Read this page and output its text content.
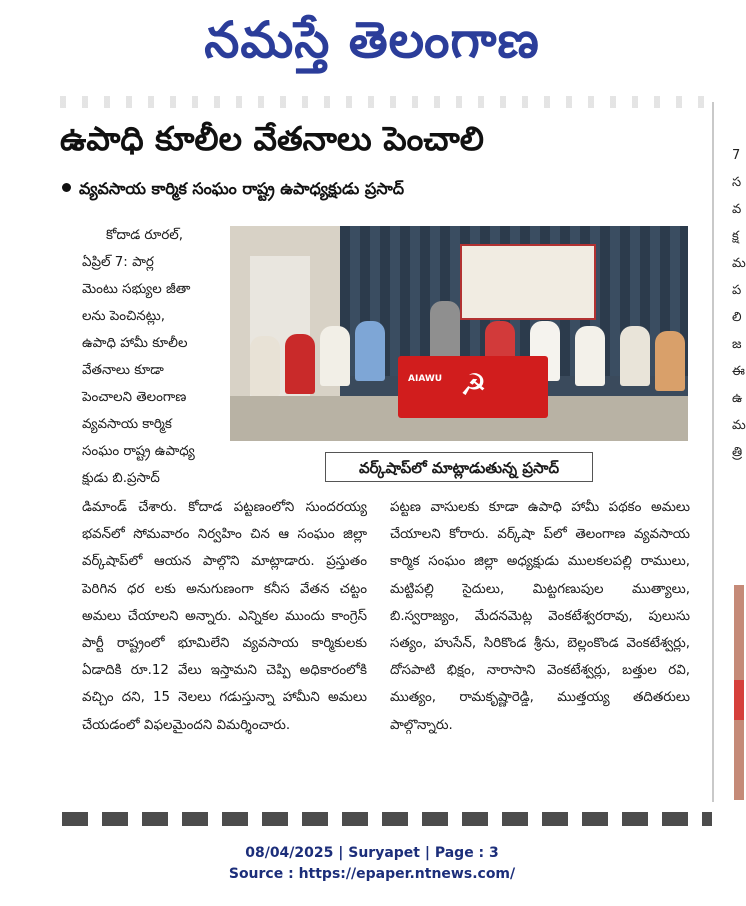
నమస్తే తెలంగాణ
ఉపాధి కూలీల వేతనాలు పెంచాలి
వ్యవసాయ కార్మిక సంఘం రాష్ట్ర ఉపాధ్యక్షుడు ప్రసాద్

కోదాడ రూరల్,

ఏప్రిల్ 7: పార్ల

మెంటు సభ్యుల జీతా

లను పెంచినట్లు,

ఉపాధి హామీ కూలీల

వేతనాలు కూడా

పెంచాలని తెలంగాణ

వ్యవసాయ కార్మిక

సంఘం రాష్ట్ర ఉపాధ్య

క్షుడు బి.ప్రసాద్

AIAWU ☭
వర్క్‌షాప్‌లో మాట్లాడుతున్న ప్రసాద్
డిమాండ్ చేశారు. కోదాడ పట్టణంలోని సుందరయ్య భవన్‌లో సోమవారం నిర్వహిం చిన ఆ సంఘం జిల్లా వర్క్‌షాప్‌లో ఆయన పాల్గొని మాట్లాడారు. ప్రస్తుతం పెరిగిన ధర లకు అనుగుణంగా కనీస వేతన చట్టం అమలు చేయాలని అన్నారు. ఎన్నికల ముందు కాంగ్రెస్ పార్టీ రాష్ట్రంలో భూమిలేని వ్యవసాయ కార్మికులకు ఏడాదికి రూ.12 వేలు ఇస్తామని చెప్పి అధికారంలోకి వచ్చిం దని, 15 నెలలు గడుస్తున్నా హామీని అమలు చేయడంలో విఫలమైందని విమర్శించారు.
పట్టణ వాసులకు కూడా ఉపాధి హామీ పథకం అమలు చేయాలని కోరారు. వర్క్‌షా ప్‌లో తెలంగాణ వ్యవసాయ కార్మిక సంఘం జిల్లా అధ్యక్షుడు ములకలపల్లి రాములు, మట్టిపల్లి సైదులు, మిట్టగణుపుల ముత్యాలు, బి.స్వరాజ్యం, మేదనమెట్ల వెంకటేశ్వరరావు, పులుసు సత్యం, హుసేన్, సిరికొండ శ్రీను, బెల్లంకొండ వెంకటేశ్వర్లు, దోసపాటి భిక్షం, నారాసాని వెంకటేశ్వర్లు, బత్తుల రవి, ముత్యం, రామకృష్ణారెడ్డి, ముత్తయ్య తదితరులు పాల్గొన్నారు.
7
స
వ
క్ష
మ
ప
లి
జ
ఈ
ఉ
మ
త్రి
08/04/2025 | Suryapet | Page : 3
Source : https://epaper.ntnews.com/
